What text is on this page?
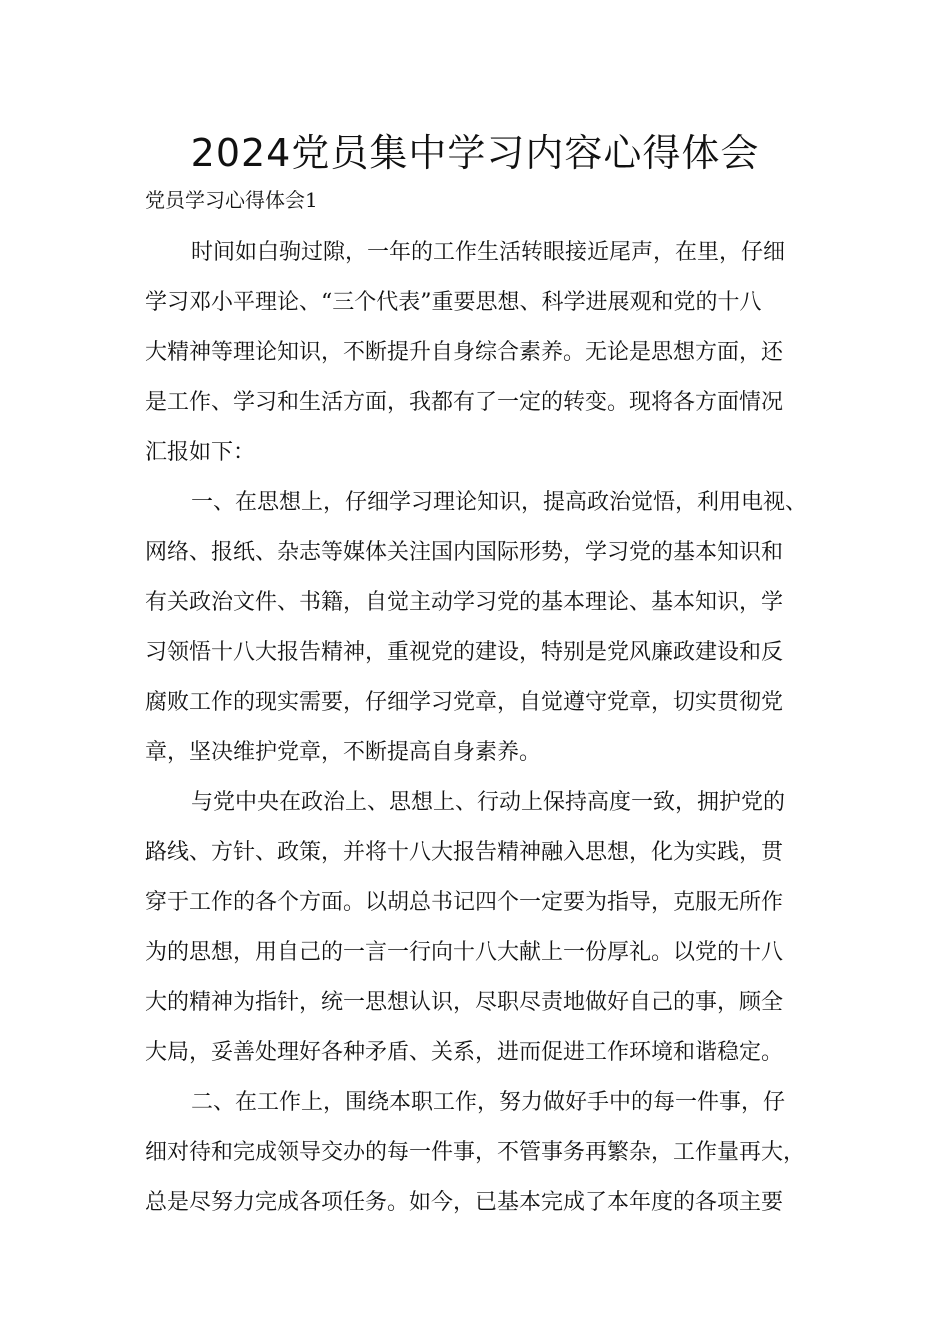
2024党员集中学习内容心得体会

党员学习心得体会1

时间如白驹过隙，一年的工作生活转眼接近尾声，在里，仔细
学习邓小平理论、“三个代表”重要思想、科学进展观和党的十八
大精神等理论知识，不断提升自身综合素养。无论是思想方面，还
是工作、学习和生活方面，我都有了一定的转变。现将各方面情况
汇报如下：

一、在思想上，仔细学习理论知识，提高政治觉悟，利用电视、
网络、报纸、杂志等媒体关注国内国际形势，学习党的基本知识和
有关政治文件、书籍，自觉主动学习党的基本理论、基本知识，学
习领悟十八大报告精神，重视党的建设，特别是党风廉政建设和反
腐败工作的现实需要，仔细学习党章，自觉遵守党章，切实贯彻党
章，坚决维护党章，不断提高自身素养。

与党中央在政治上、思想上、行动上保持高度一致，拥护党的
路线、方针、政策，并将十八大报告精神融入思想，化为实践，贯
穿于工作的各个方面。以胡总书记四个一定要为指导，克服无所作
为的思想，用自己的一言一行向十八大献上一份厚礼。以党的十八
大的精神为指针，统一思想认识，尽职尽责地做好自己的事，顾全
大局，妥善处理好各种矛盾、关系，进而促进工作环境和谐稳定。

二、在工作上，围绕本职工作，努力做好手中的每一件事，仔
细对待和完成领导交办的每一件事，不管事务再繁杂，工作量再大，
总是尽努力完成各项任务。如今，已基本完成了本年度的各项主要
